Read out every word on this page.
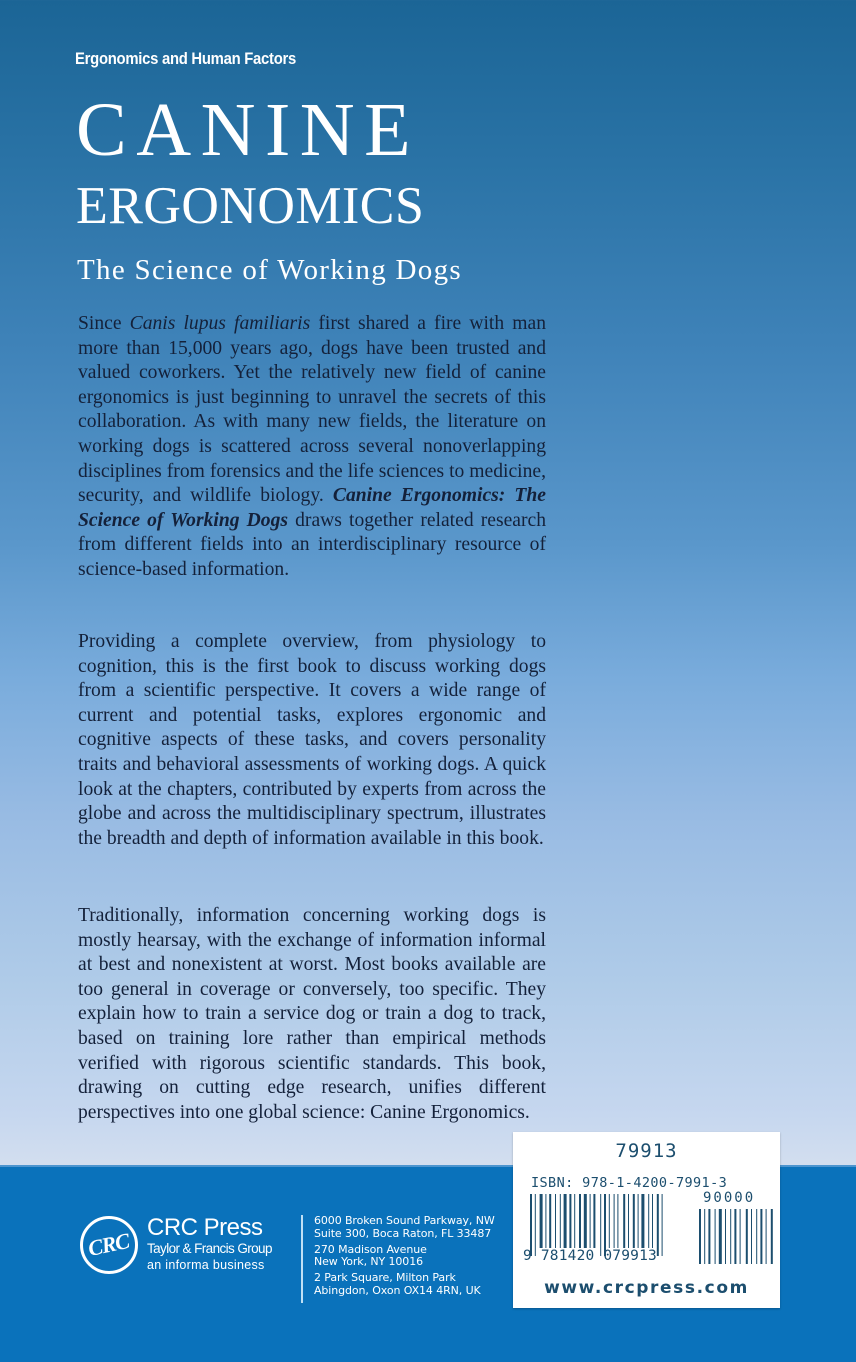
Ergonomics and Human Factors
CANINE
ERGONOMICS
The Science of Working Dogs

Since Canis lupus familiaris first shared a fire with man more than 15,000 years ago, dogs have been trusted and valued coworkers. Yet the relatively new field of canine ergonomics is just beginning to unravel the secrets of this collaboration. As with many new fields, the literature on working dogs is scattered across several nonoverlapping disciplines from forensics and the life sciences to medicine, security, and wildlife biology. Canine Ergonomics: The Science of Working Dogs draws together related research from different fields into an interdisciplinary resource of science-based information.

Providing a complete overview, from physiology to cognition, this is the first book to discuss working dogs from a scientific perspective. It covers a wide range of current and potential tasks, explores ergonomic and cognitive aspects of these tasks, and covers personality traits and behavioral assessments of working dogs. A quick look at the chapters, contributed by experts from across the globe and across the multidisciplinary spectrum, illustrates the breadth and depth of information available in this book.

Traditionally, information concerning working dogs is mostly hearsay, with the exchange of information informal at best and nonexistent at worst. Most books available are too general in coverage or conversely, too specific. They explain how to train a service dog or train a dog to track, based on training lore rather than empirical methods verified with rigorous scientific standards. This book, drawing on cutting edge research, unifies different perspectives into one global science: Canine Ergonomics.

CRC
CRC Press
Taylor & Francis Group
an informa business
6000 Broken Sound Parkway, NW
Suite 300, Boca Raton, FL 33487
270 Madison Avenue
New York, NY 10016
2 Park Square, Milton Park
Abingdon, Oxon OX14 4RN, UK
79913
ISBN: 978-1-4200-7991-3
90000
9 781420 079913
www.crcpress.com
